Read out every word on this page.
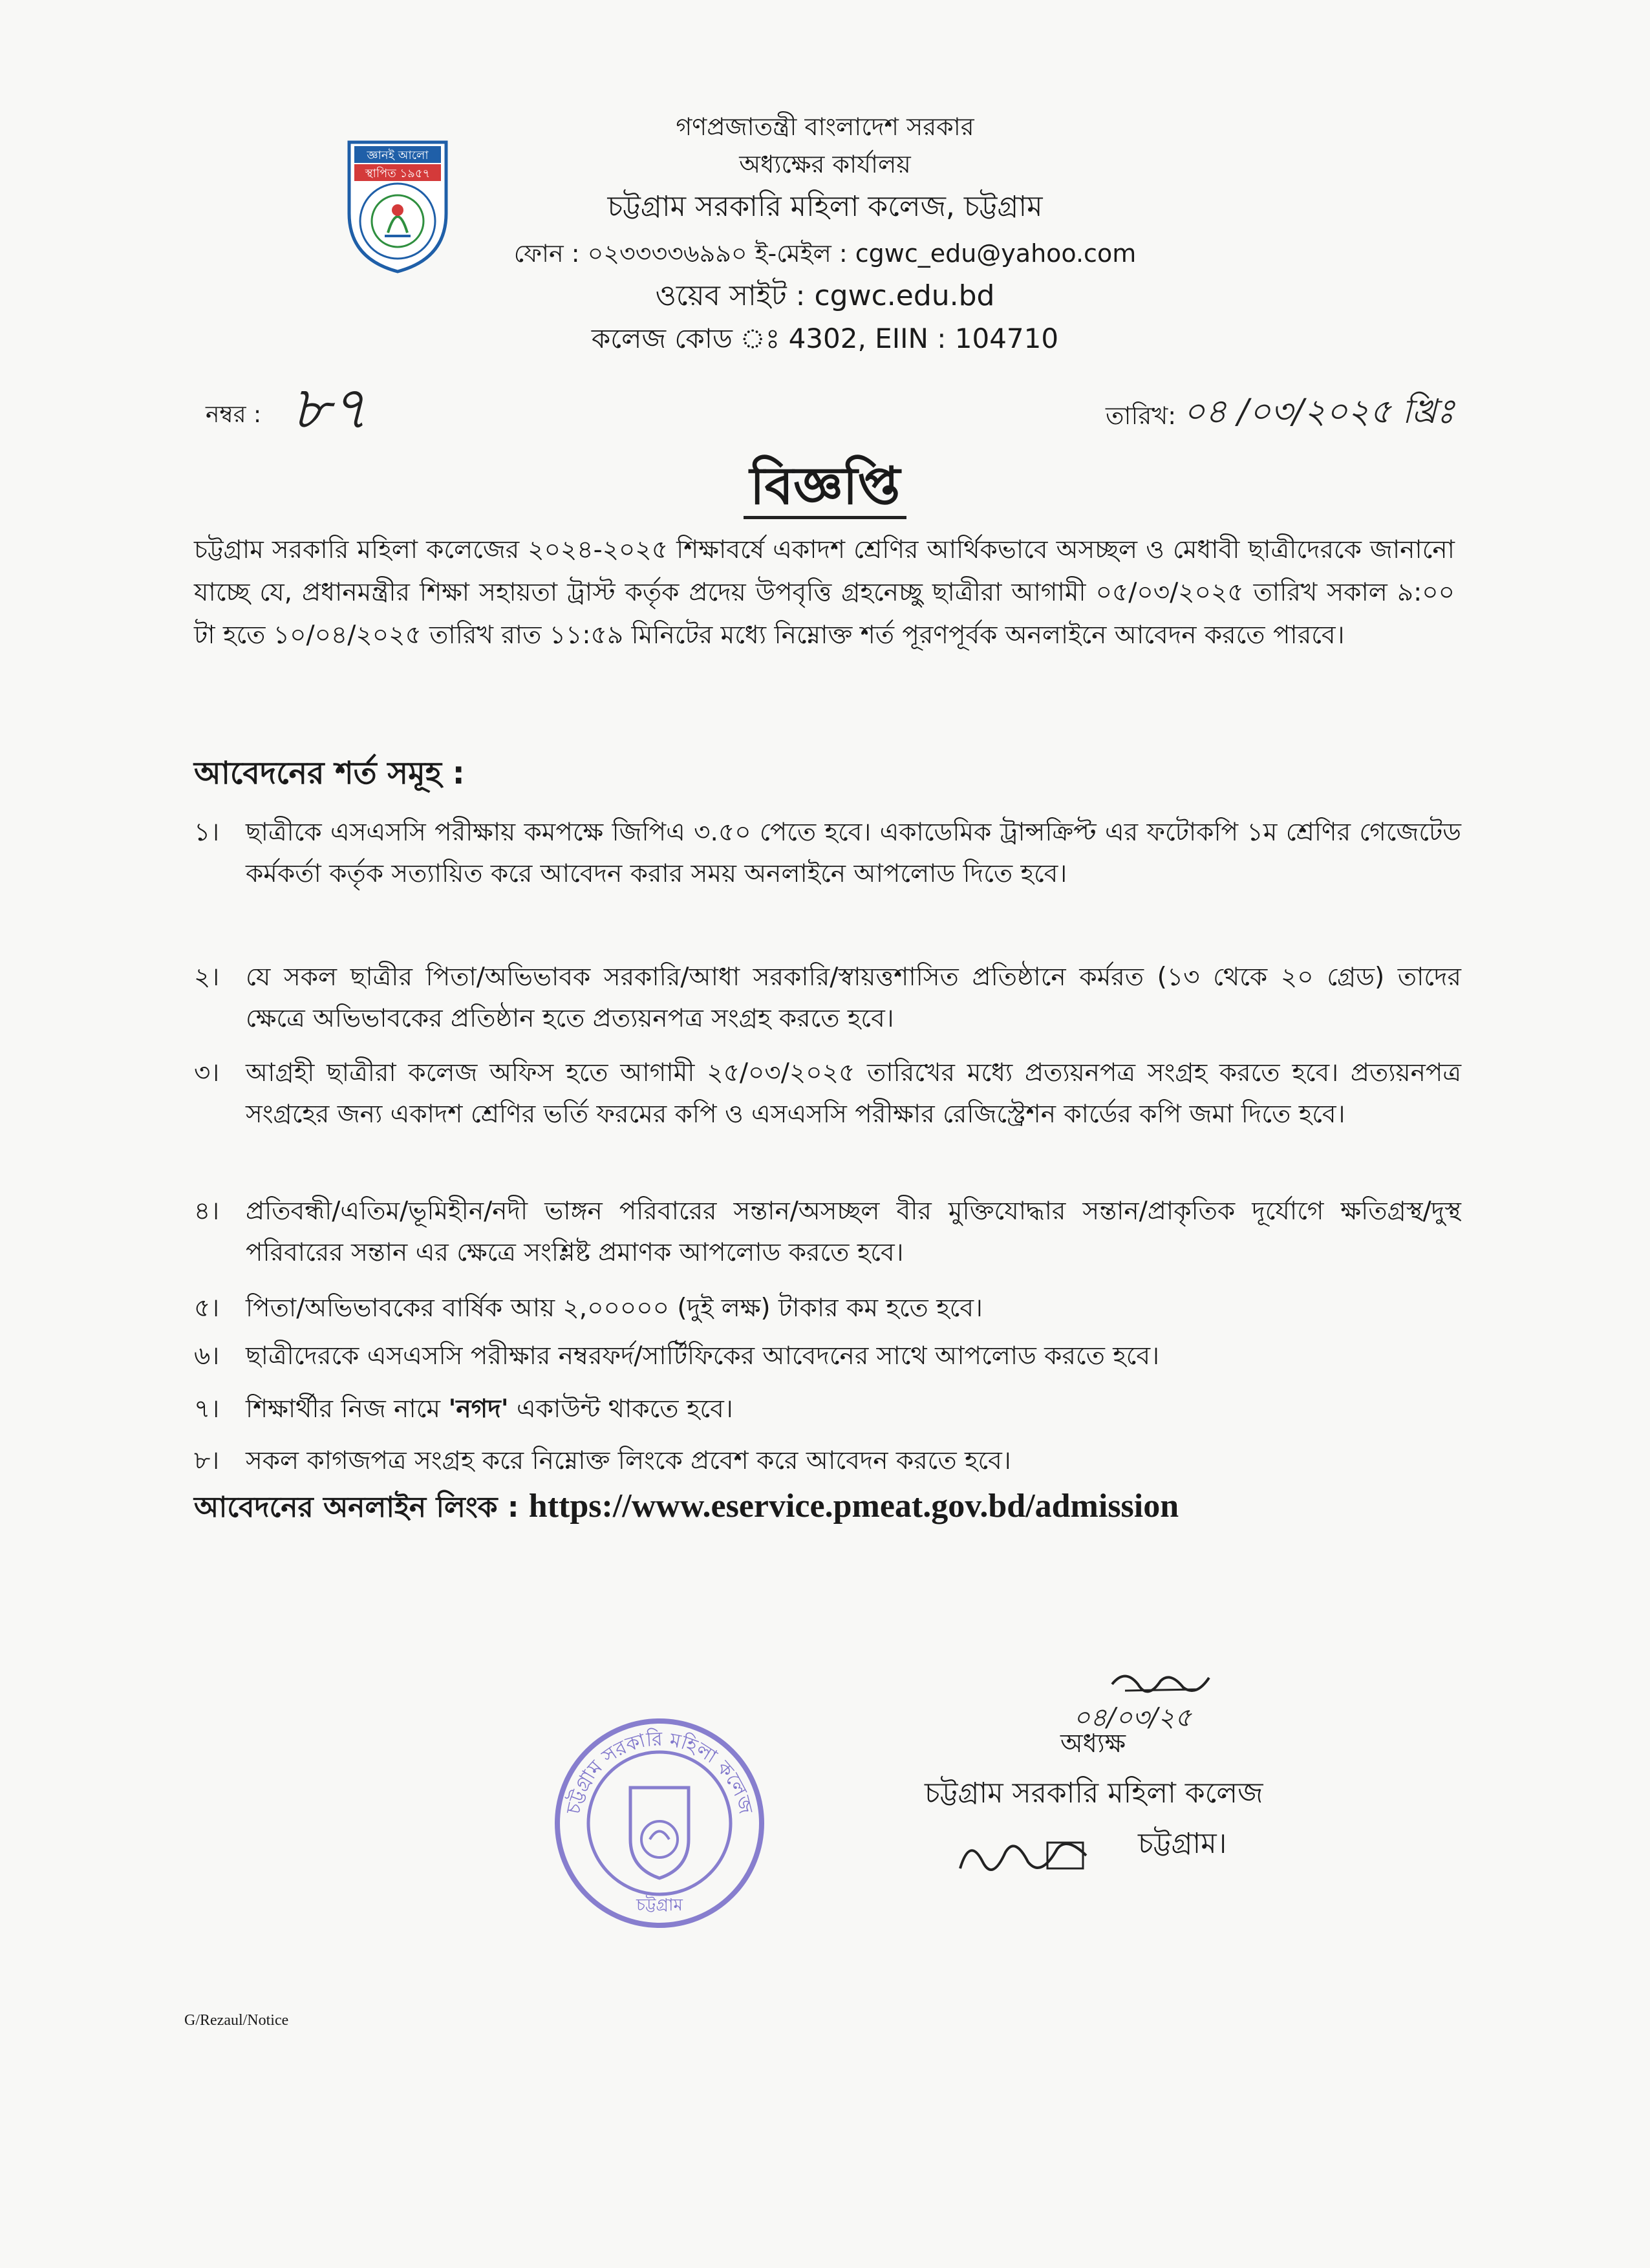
জ্ঞানই আলো
স্থাপিত ১৯৫৭
গণপ্রজাতন্ত্রী বাংলাদেশ সরকার
অধ্যক্ষের কার্যালয়
চট্টগ্রাম সরকারি মহিলা কলেজ, চট্টগ্রাম
ফোন : ০২৩৩৩৩৬৯৯০ ই-মেইল : cgwc_edu@yahoo.com
ওয়েব সাইট : cgwc.edu.bd
কলেজ কোড ঃ 4302, EIIN : 104710
নম্বর : ৮৭	তারিখ: ০৪ /০৩/২০২৫ খ্রিঃ
বিজ্ঞপ্তি
চট্টগ্রাম সরকারি মহিলা কলেজের ২০২৪-২০২৫ শিক্ষাবর্ষে একাদশ শ্রেণির আর্থিকভাবে অসচ্ছল ও মেধাবী ছাত্রীদেরকে জানানো যাচ্ছে যে, প্রধানমন্ত্রীর শিক্ষা সহায়তা ট্রাস্ট কর্তৃক প্রদেয় উপবৃত্তি গ্রহনেচ্ছু ছাত্রীরা আগামী ০৫/০৩/২০২৫ তারিখ সকাল ৯:০০ টা হতে ১০/০৪/২০২৫ তারিখ রাত ১১:৫৯ মিনিটের মধ্যে নিম্নোক্ত শর্ত পূরণপূর্বক অনলাইনে আবেদন করতে পারবে।
আবেদনের শর্ত সমূহ :
১।	ছাত্রীকে এসএসসি পরীক্ষায় কমপক্ষে জিপিএ ৩.৫০ পেতে হবে। একাডেমিক ট্রান্সক্রিপ্ট এর ফটোকপি ১ম শ্রেণির গেজেটেড কর্মকর্তা কর্তৃক সত্যায়িত করে আবেদন করার সময় অনলাইনে আপলোড দিতে হবে।
২।	যে সকল ছাত্রীর পিতা/অভিভাবক সরকারি/আধা সরকারি/স্বায়ত্তশাসিত প্রতিষ্ঠানে কর্মরত (১৩ থেকে ২০ গ্রেড) তাদের ক্ষেত্রে অভিভাবকের প্রতিষ্ঠান হতে প্রত্যয়নপত্র সংগ্রহ করতে হবে।
৩।	আগ্রহী ছাত্রীরা কলেজ অফিস হতে আগামী ২৫/০৩/২০২৫ তারিখের মধ্যে প্রত্যয়নপত্র সংগ্রহ করতে হবে। প্রত্যয়নপত্র সংগ্রহের জন্য একাদশ শ্রেণির ভর্তি ফরমের কপি ও এসএসসি পরীক্ষার রেজিস্ট্রেশন কার্ডের কপি জমা দিতে হবে।
৪।	প্রতিবন্ধী/এতিম/ভূমিহীন/নদী ভাঙ্গন পরিবারের সন্তান/অসচ্ছল বীর মুক্তিযোদ্ধার সন্তান/প্রাকৃতিক দূর্যোগে ক্ষতিগ্রস্থ/দুস্থ পরিবারের সন্তান এর ক্ষেত্রে সংশ্লিষ্ট প্রমাণক আপলোড করতে হবে।
৫।	পিতা/অভিভাবকের বার্ষিক আয় ২,০০০০০ (দুই লক্ষ) টাকার কম হতে হবে।
৬।	ছাত্রীদেরকে এসএসসি পরীক্ষার নম্বরফর্দ/সার্টিফিকের আবেদনের সাথে আপলোড করতে হবে।
৭।	শিক্ষার্থীর নিজ নামে 'নগদ' একাউন্ট থাকতে হবে।
৮।	সকল কাগজপত্র সংগ্রহ করে নিম্নোক্ত লিংকে প্রবেশ করে আবেদন করতে হবে।
আবেদনের অনলাইন লিংক : https://www.eservice.pmeat.gov.bd/admission
০৪/০৩/২৫
অধ্যক্ষ
চট্টগ্রাম সরকারি মহিলা কলেজ
চট্টগ্রাম।
চট্টগ্রাম সরকারি মহিলা কলেজ
চট্টগ্রাম
G/Rezaul/Notice
